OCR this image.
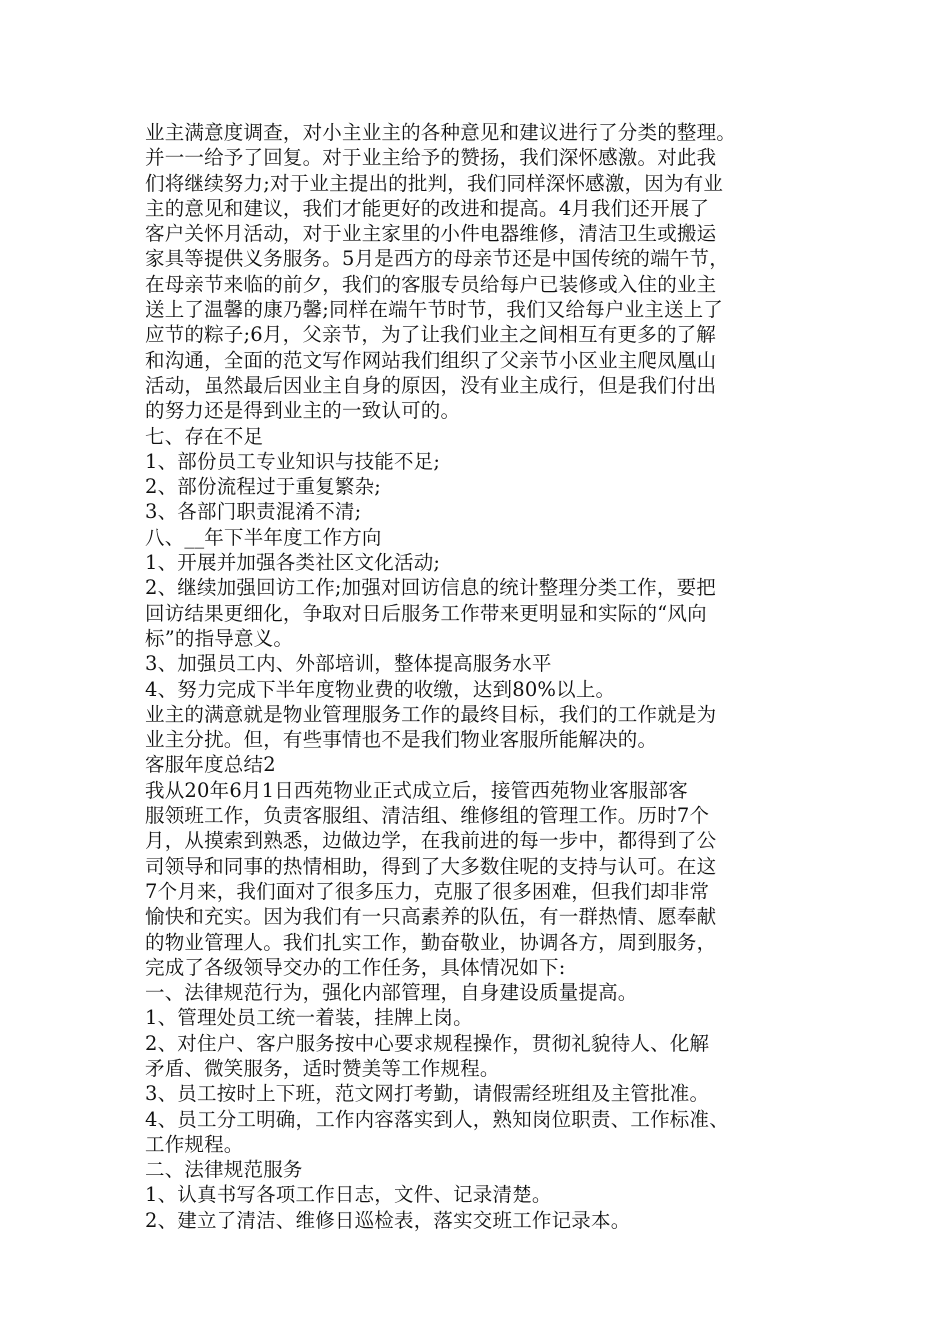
业主满意度调查，对小主业主的各种意见和建议进行了分类的整理。
并一一给予了回复。对于业主给予的赞扬，我们深怀感激。对此我
们将继续努力;对于业主提出的批判，我们同样深怀感激，因为有业
主的意见和建议，我们才能更好的改进和提高。4月我们还开展了
客户关怀月活动，对于业主家里的小件电器维修，清洁卫生或搬运
家具等提供义务服务。5月是西方的母亲节还是中国传统的端午节，
在母亲节来临的前夕，我们的客服专员给每户已装修或入住的业主
送上了温馨的康乃馨;同样在端午节时节，我们又给每户业主送上了
应节的粽子;6月，父亲节，为了让我们业主之间相互有更多的了解
和沟通，全面的范文写作网站我们组织了父亲节小区业主爬凤凰山
活动，虽然最后因业主自身的原因，没有业主成行，但是我们付出
的努力还是得到业主的一致认可的。
七、存在不足
1、部份员工专业知识与技能不足;
2、部份流程过于重复繁杂;
3、各部门职责混淆不清;
八、__年下半年度工作方向
1、开展并加强各类社区文化活动;
2、继续加强回访工作;加强对回访信息的统计整理分类工作，要把
回访结果更细化，争取对日后服务工作带来更明显和实际的“风向
标”的指导意义。
3、加强员工内、外部培训，整体提高服务水平
4、努力完成下半年度物业费的收缴，达到80%以上。
业主的满意就是物业管理服务工作的最终目标，我们的工作就是为
业主分扰。但，有些事情也不是我们物业客服所能解决的。
客服年度总结2
我从20年6月1日西苑物业正式成立后，接管西苑物业客服部客
服领班工作，负责客服组、清洁组、维修组的管理工作。历时7个
月，从摸索到熟悉，边做边学，在我前进的每一步中，都得到了公
司领导和同事的热情相助，得到了大多数住呢的支持与认可。在这
7个月来，我们面对了很多压力，克服了很多困难，但我们却非常
愉快和充实。因为我们有一只高素养的队伍，有一群热情、愿奉献
的物业管理人。我们扎实工作，勤奋敬业，协调各方，周到服务，
完成了各级领导交办的工作任务，具体情况如下:
一、法律规范行为，强化内部管理，自身建设质量提高。
1、管理处员工统一着装，挂牌上岗。
2、对住户、客户服务按中心要求规程操作，贯彻礼貌待人、化解
矛盾、微笑服务，适时赞美等工作规程。
3、员工按时上下班，范文网打考勤，请假需经班组及主管批准。
4、员工分工明确，工作内容落实到人，熟知岗位职责、工作标准、
工作规程。
二、法律规范服务
1、认真书写各项工作日志，文件、记录清楚。
2、建立了清洁、维修日巡检表，落实交班工作记录本。
